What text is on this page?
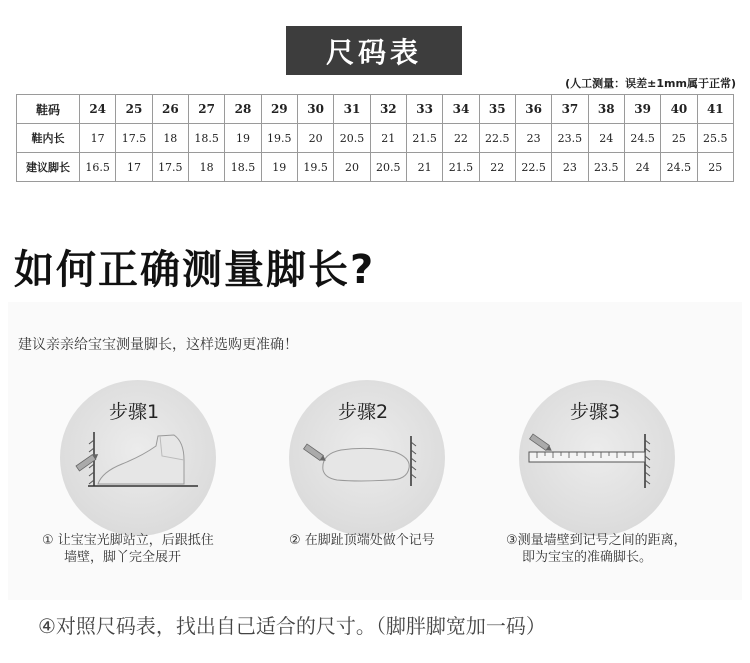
尺码表
(人工测量：误差±1mm属于正常)
鞋码	24	25	26	27	28	29	30	31	32	33	34	35	36	37	38	39	40	41
鞋内长	17	17.5	18	18.5	19	19.5	20	20.5	21	21.5	22	22.5	23	23.5	24	24.5	25	25.5
建议脚长	16.5	17	17.5	18	18.5	19	19.5	20	20.5	21	21.5	22	22.5	23	23.5	24	24.5	25
如何正确测量脚长?
建议亲亲给宝宝测量脚长，这样选购更准确！
步骤1
① 让宝宝光脚站立，后跟抵住
墙壁，脚丫完全展开
步骤2
② 在脚趾顶端处做个记号
步骤3
③测量墙壁到记号之间的距离，
即为宝宝的准确脚长。
④对照尺码表，找出自己适合的尺寸。（脚胖脚宽加一码）
